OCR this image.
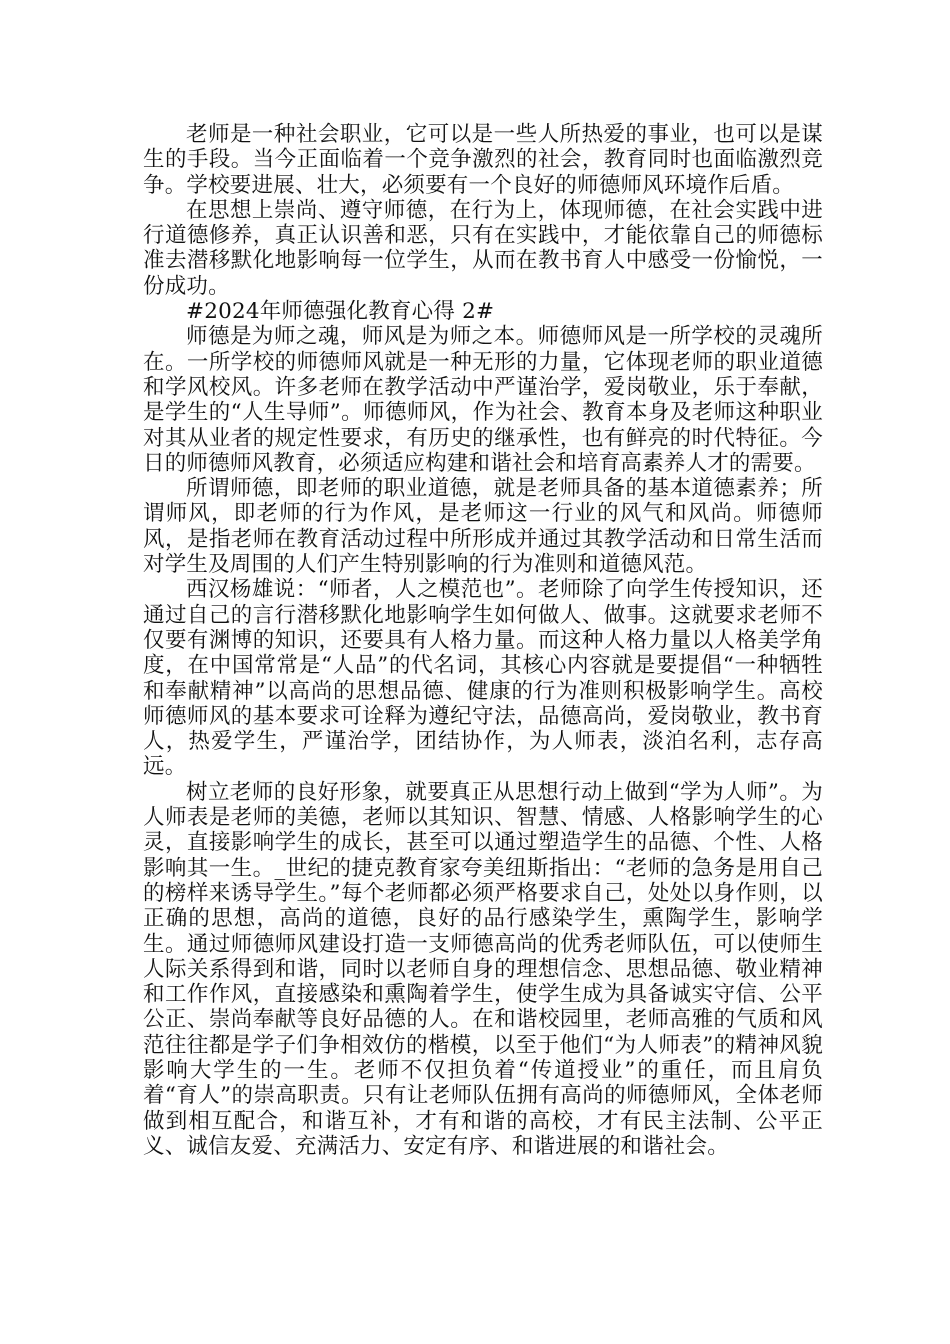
老师是一种社会职业，它可以是一些人所热爱的事业，也可以是谋生的手段。当今正面临着一个竞争激烈的社会，教育同时也面临激烈竞争。学校要进展、壮大，必须要有一个良好的师德师风环境作后盾。

在思想上崇尚、遵守师德，在行为上，体现师德，在社会实践中进行道德修养，真正认识善和恶，只有在实践中，才能依靠自己的师德标准去潜移默化地影响每一位学生，从而在教书育人中感受一份愉悦，一份成功。

#2024年师德强化教育心得 2#

师德是为师之魂，师风是为师之本。师德师风是一所学校的灵魂所在。一所学校的师德师风就是一种无形的力量，它体现老师的职业道德和学风校风。许多老师在教学活动中严谨治学，爱岗敬业，乐于奉献，是学生的“人生导师”。师德师风，作为社会、教育本身及老师这种职业对其从业者的规定性要求，有历史的继承性，也有鲜亮的时代特征。今日的师德师风教育，必须适应构建和谐社会和培育高素养人才的需要。

所谓师德，即老师的职业道德，就是老师具备的基本道德素养；所谓师风，即老师的行为作风，是老师这一行业的风气和风尚。师德师风，是指老师在教育活动过程中所形成并通过其教学活动和日常生活而对学生及周围的人们产生特别影响的行为准则和道德风范。

西汉杨雄说：“师者，人之模范也”。老师除了向学生传授知识，还通过自己的言行潜移默化地影响学生如何做人、做事。这就要求老师不仅要有渊博的知识，还要具有人格力量。而这种人格力量以人格美学角度，在中国常常是“人品”的代名词，其核心内容就是要提倡“一种牺牲和奉献精神”以高尚的思想品德、健康的行为准则积极影响学生。高校师德师风的基本要求可诠释为遵纪守法，品德高尚，爱岗敬业，教书育人，热爱学生，严谨治学，团结协作，为人师表，淡泊名利，志存高远。

树立老师的良好形象，就要真正从思想行动上做到“学为人师”。为人师表是老师的美德，老师以其知识、智慧、情感、人格影响学生的心灵，直接影响学生的成长，甚至可以通过塑造学生的品德、个性、人格影响其一生。_世纪的捷克教育家夸美纽斯指出：“老师的急务是用自己的榜样来诱导学生。”每个老师都必须严格要求自己，处处以身作则，以正确的思想，高尚的道德，良好的品行感染学生，熏陶学生，影响学生。通过师德师风建设打造一支师德高尚的优秀老师队伍，可以使师生人际关系得到和谐，同时以老师自身的理想信念、思想品德、敬业精神和工作作风，直接感染和熏陶着学生，使学生成为具备诚实守信、公平公正、崇尚奉献等良好品德的人。在和谐校园里，老师高雅的气质和风范往往都是学子们争相效仿的楷模，以至于他们“为人师表”的精神风貌影响大学生的一生。老师不仅担负着“传道授业”的重任，而且肩负着“育人”的崇高职责。只有让老师队伍拥有高尚的师德师风，全体老师做到相互配合，和谐互补，才有和谐的高校，才有民主法制、公平正义、诚信友爱、充满活力、安定有序、和谐进展的和谐社会。
